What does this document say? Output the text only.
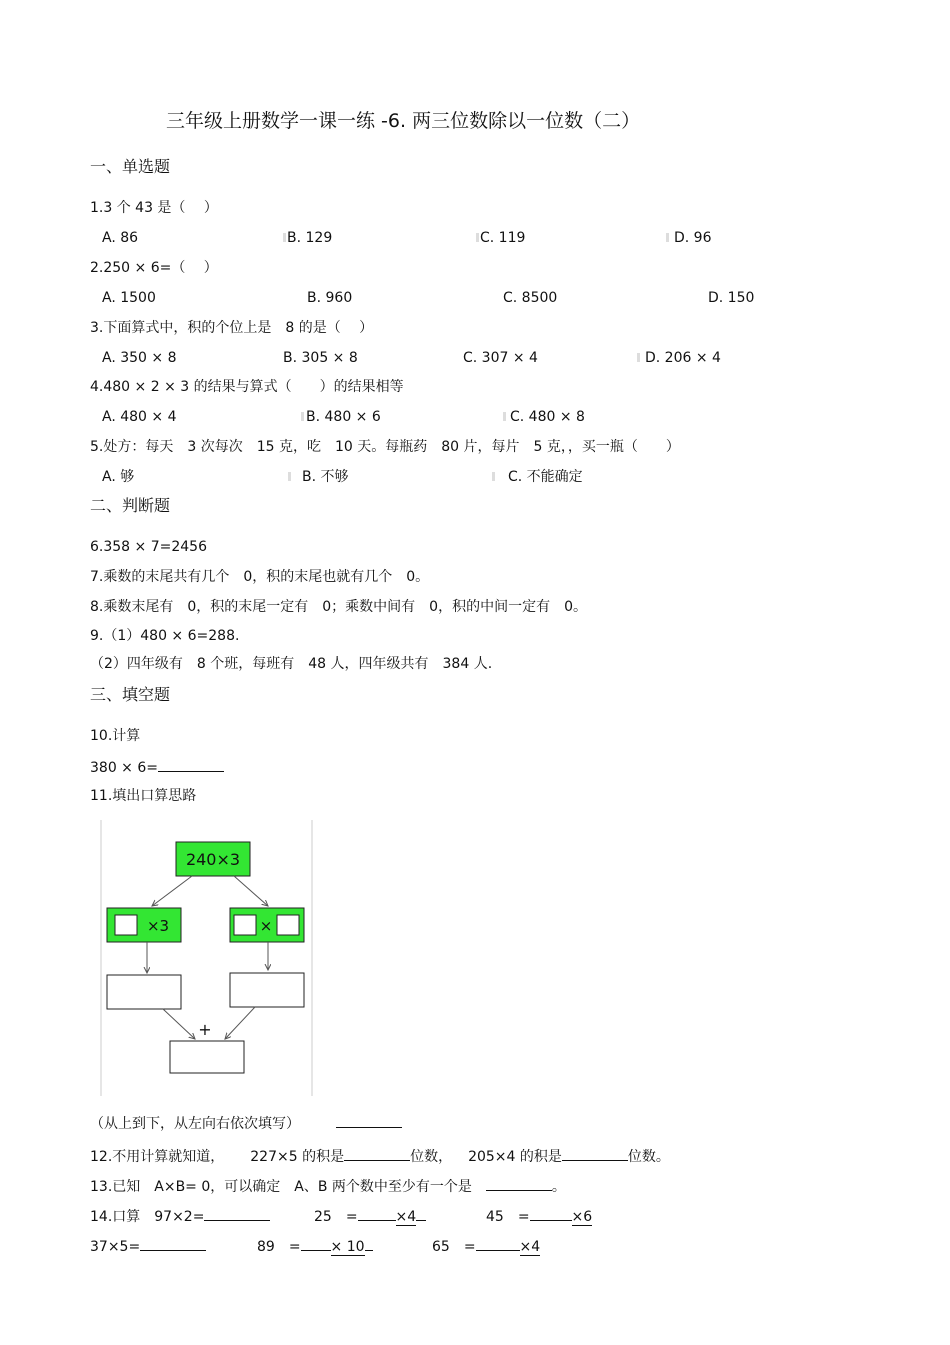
三年级上册数学一课一练 -6. 两三位数除以一位数（二）
一、单选题
1.3 个 43 是（　 ）
A. 86	B. 129	C. 119	D. 96
2.250 × 6=（　 ）
A. 1500	B. 960	C. 8500	D. 150
3.下面算式中，积的个位上是　8 的是（　 ）
A. 350 × 8	B. 305 × 8	C. 307 × 4	D. 206 × 4
4.480 × 2 × 3 的结果与算式（　　）的结果相等
A. 480 × 4	B. 480 × 6	C. 480 × 8
5.处方：每天　3 次每次　15 克，吃　10 天。每瓶药　80 片，每片　5 克，，买一瓶（　　）
A. 够	B. 不够	C. 不能确定
二、判断题
6.358 × 7=2456
7.乘数的末尾共有几个　0，积的末尾也就有几个　0。
8.乘数末尾有　0，积的末尾一定有　0；乘数中间有　0，积的中间一定有　0。
9.（1）480 × 6=288.
（2）四年级有　8 个班，每班有　48 人，四年级共有　384 人.
三、填空题
10.计算
380 × 6=
11.填出口算思路
240×3
×3	×
+
（从上到下，从左向右依次填写）
12.不用计算就知道， 227×5 的积是	位数， 205×4 的积是	位数。
13.已知　A×B= 0，可以确定　A、B 两个数中至少有一个是	。
14.口算　97×2=	25　=	×4	45　=	×6
37×5=	89　= × 10	65　=	×4
